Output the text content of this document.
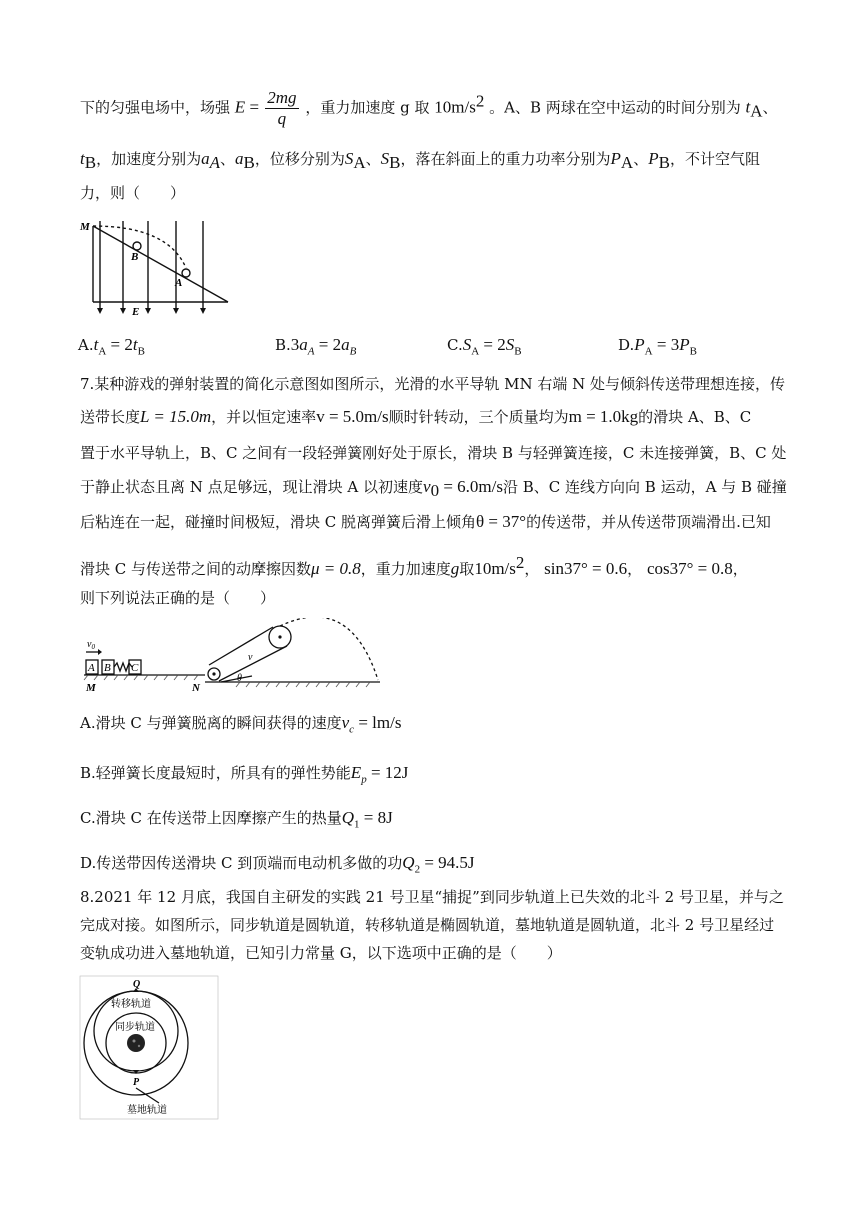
下的匀强电场中，场强 $E = \frac{2mg}{q}$ ，重力加速度 g 取 $10m/s^2$ 。A、B 两球在空中运动的时间分别为 $t_A$、
$t_B$，加速度分别为$a_A$、$a_B$，位移分别为$S_A$、$S_B$，落在斜面上的重力功率分别为$P_A$、$P_B$，不计空气阻
力，则（　　）
M
B
A
E
$A.t_A = 2t_B$	$B.3a_A = 2a_B$	$C.S_A = 2S_B$	$D.P_A = 3P_B$
7.某种游戏的弹射装置的简化示意图如图所示，光滑的水平导轨 MN 右端 N 处与倾斜传送带理想连接，传
送带长度L = 15.0m，并以恒定速率v = 5.0m/s顺时针转动，三个质量均为m = 1.0kg的滑块 A、B、C
置于水平导轨上，B、C 之间有一段轻弹簧刚好处于原长，滑块 B 与轻弹簧连接，C 未连接弹簧，B、C 处
于静止状态且离 N 点足够远，现让滑块 A 以初速度$v_0 = 6.0m/s$沿 B、C 连线方向向 B 运动，A 与 B 碰撞
后粘连在一起，碰撞时间极短，滑块 C 脱离弹簧后滑上倾角θ = 37°的传送带，并从传送带顶端滑出.已知
滑块 C 与传送带之间的动摩擦因数μ = 0.8，重力加速度g取$10m/s^2$， sin37° = 0.6， cos37° = 0.8，
则下列说法正确的是（　　）
$v_0$
A B C
M	N
v
θ
A.滑块 C 与弹簧脱离的瞬间获得的速度$v_c = lm/s$
B.轻弹簧长度最短时，所具有的弹性势能$E_p = 12J$
C.滑块 C 在传送带上因摩擦产生的热量$Q_1 = 8J$
D.传送带因传送滑块 C 到顶端而电动机多做的功$Q_2 = 94.5J$
8.2021 年 12 月底，我国自主研发的实践 21 号卫星“捕捉”到同步轨道上已失效的北斗 2 号卫星，并与之
完成对接。如图所示，同步轨道是圆轨道，转移轨道是椭圆轨道，墓地轨道是圆轨道，北斗 2 号卫星经过
变轨成功进入墓地轨道，已知引力常量 G，以下选项中正确的是（　　）
Q
转移轨道
同步轨道
P
墓地轨道
